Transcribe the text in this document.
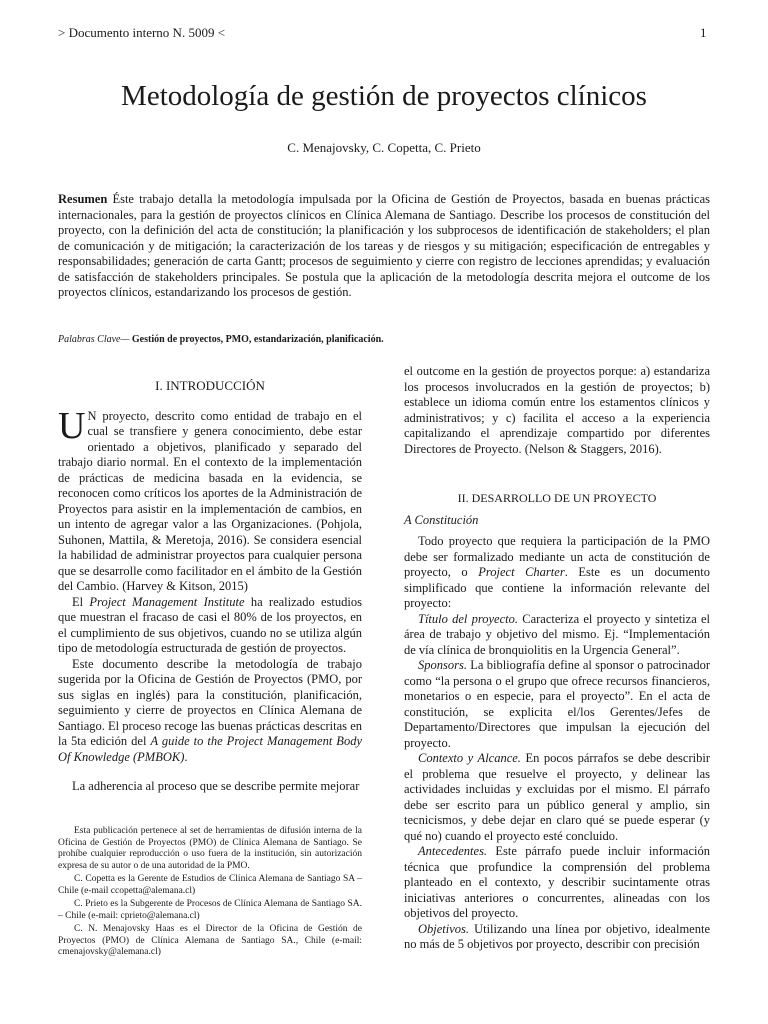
> Documento interno N. 5009 <	1
Metodología de gestión de proyectos clínicos
C. Menajovsky, C. Copetta, C. Prieto
Resumen Éste trabajo detalla la metodología impulsada por la Oficina de Gestión de Proyectos, basada en buenas prácticas internacionales, para la gestión de proyectos clínicos en Clínica Alemana de Santiago. Describe los procesos de constitución del proyecto, con la definición del acta de constitución; la planificación y los subprocesos de identificación de stakeholders; el plan de comunicación y de mitigación; la caracterización de los tareas y de riesgos y su mitigación; especificación de entregables y responsabilidades; generación de carta Gantt; procesos de seguimiento y cierre con registro de lecciones aprendidas; y evaluación de satisfacción de stakeholders principales. Se postula que la aplicación de la metodología descrita mejora el outcome de los proyectos clínicos, estandarizando los procesos de gestión.
Palabras Clave— Gestión de proyectos, PMO, estandarización, planificación.
I. INTRODUCCIÓN

U N proyecto, descrito como entidad de trabajo en el cual se transfiere y genera conocimiento, debe estar orientado a objetivos, planificado y separado del trabajo diario normal. En el contexto de la implementación de prácticas de medicina basada en la evidencia, se reconocen como críticos los aportes de la Administración de Proyectos para asistir en la implementación de cambios, en un intento de agregar valor a las Organizaciones. (Pohjola, Suhonen, Mattila, & Meretoja, 2016). Se considera esencial la habilidad de administrar proyectos para cualquier persona que se desarrolle como facilitador en el ámbito de la Gestión del Cambio. (Harvey & Kitson, 2015)

El Project Management Institute ha realizado estudios que muestran el fracaso de casi el 80% de los proyectos, en el cumplimiento de sus objetivos, cuando no se utiliza algún tipo de metodología estructurada de gestión de proyectos.

Este documento describe la metodología de trabajo sugerida por la Oficina de Gestión de Proyectos (PMO, por sus siglas en inglés) para la constitución, planificación, seguimiento y cierre de proyectos en Clínica Alemana de Santiago. El proceso recoge las buenas prácticas descritas en la 5ta edición del A guide to the Project Management Body Of Knowledge (PMBOK).

La adherencia al proceso que se describe permite mejorar

Esta publicación pertenece al set de herramientas de difusión interna de la Oficina de Gestión de Proyectos (PMO) de Clínica Alemana de Santiago. Se prohíbe cualquier reproducción o uso fuera de la institución, sin autorización expresa de su autor o de una autoridad de la PMO.

C. Copetta es la Gerente de Estudios de Clínica Alemana de Santiago SA – Chile (e-mail ccopetta@alemana.cl)

C. Prieto es la Subgerente de Procesos de Clínica Alemana de Santiago SA. – Chile (e-mail: cprieto@alemana.cl)

C. N. Menajovsky Haas es el Director de la Oficina de Gestión de Proyectos (PMO) de Clínica Alemana de Santiago SA., Chile (e-mail: cmenajovsky@alemana.cl)

el outcome en la gestión de proyectos porque: a) estandariza los procesos involucrados en la gestión de proyectos; b) establece un idioma común entre los estamentos clínicos y administrativos; y c) facilita el acceso a la experiencia capitalizando el aprendizaje compartido por diferentes Directores de Proyecto. (Nelson & Staggers, 2016).

II. DESARROLLO DE UN PROYECTO
A Constitución

Todo proyecto que requiera la participación de la PMO debe ser formalizado mediante un acta de constitución de proyecto, o Project Charter. Este es un documento simplificado que contiene la información relevante del proyecto:

Título del proyecto. Caracteriza el proyecto y sintetiza el área de trabajo y objetivo del mismo. Ej. “Implementación de vía clínica de bronquiolitis en la Urgencia General”.

Sponsors. La bibliografía define al sponsor o patrocinador como “la persona o el grupo que ofrece recursos financieros, monetarios o en especie, para el proyecto”. En el acta de constitución, se explicita el/los Gerentes/Jefes de Departamento/Directores que impulsan la ejecución del proyecto.

Contexto y Alcance. En pocos párrafos se debe describir el problema que resuelve el proyecto, y delinear las actividades incluidas y excluidas por el mismo. El párrafo debe ser escrito para un público general y amplio, sin tecnicismos, y debe dejar en claro qué se puede esperar (y qué no) cuando el proyecto esté concluido.

Antecedentes. Este párrafo puede incluir información técnica que profundice la comprensión del problema planteado en el contexto, y describir sucintamente otras iniciativas anteriores o concurrentes, alineadas con los objetivos del proyecto.

Objetivos. Utilizando una línea por objetivo, idealmente no más de 5 objetivos por proyecto, describir con precisión
